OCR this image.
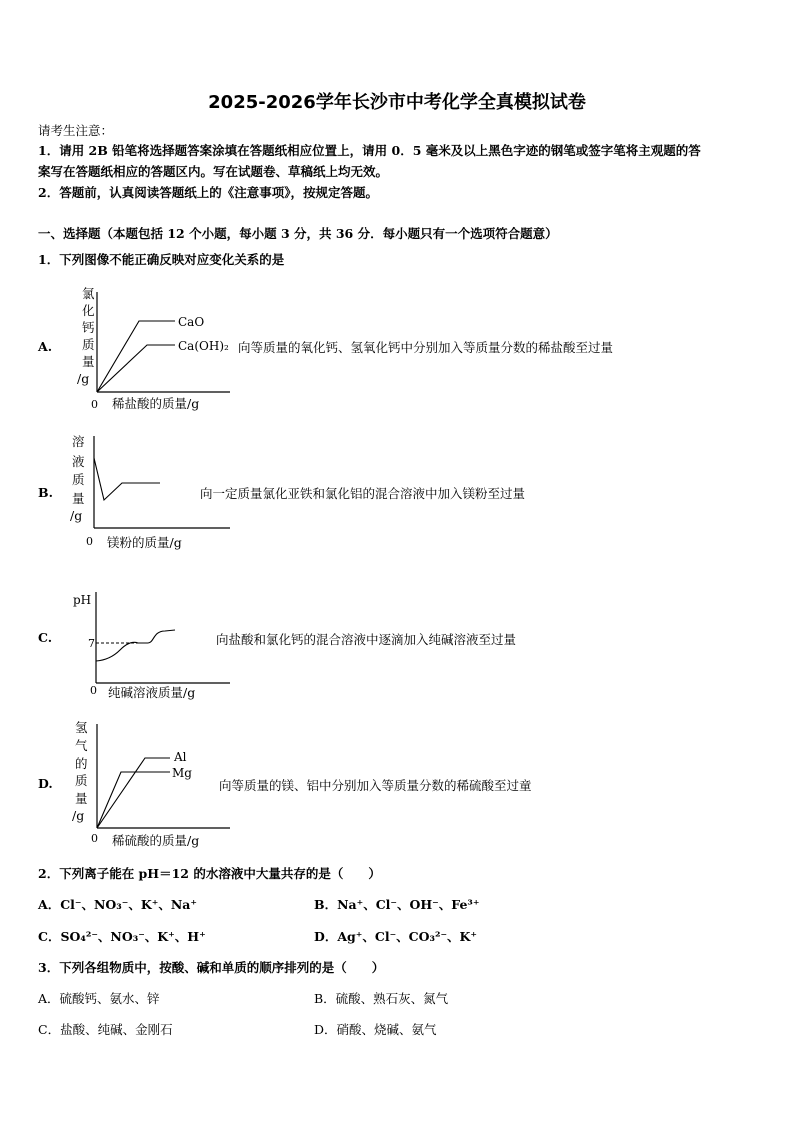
2025-2026学年长沙市中考化学全真模拟试卷
请考生注意：
1．请用 2B 铅笔将选择题答案涂填在答题纸相应位置上，请用 0．5 毫米及以上黑色字迹的钢笔或签字笔将主观题的答
案写在答题纸相应的答题区内。写在试题卷、草稿纸上均无效。
2．答题前，认真阅读答题纸上的《注意事项》，按规定答题。
一、选择题（本题包括 12 个小题，每小题 3 分，共 36 分．每小题只有一个选项符合题意）
1．下列图像不能正确反映对应变化关系的是
A.
氯
化
钙
质
量
/g
CaO
Ca(OH)₂
0 稀盐酸的质量/g
向等质量的氧化钙、氢氧化钙中分别加入等质量分数的稀盐酸至过量
B.
溶
液
质
量
/g
0 镁粉的质量/g
向一定质量氯化亚铁和氯化铝的混合溶液中加入镁粉至过量
C.
pH
7
0 纯碱溶液质量/g
向盐酸和氯化钙的混合溶液中逐滴加入纯碱溶液至过量
D.
氢
气
的
质
量
/g
Al
Mg
0 稀硫酸的质量/g
向等质量的镁、铝中分别加入等质量分数的稀硫酸至过童
2．下列离子能在 pH＝12 的水溶液中大量共存的是（　　）
A．Cl⁻、NO₃⁻、K⁺、Na⁺	B．Na⁺、Cl⁻、OH⁻、Fe³⁺
C．SO₄²⁻、NO₃⁻、K⁺、H⁺	D．Ag⁺、Cl⁻、CO₃²⁻、K⁺
3．下列各组物质中，按酸、碱和单质的顺序排列的是（　　）
A．硫酸钙、氨水、锌	B．硫酸、熟石灰、氮气
C．盐酸、纯碱、金刚石	D．硝酸、烧碱、氨气
